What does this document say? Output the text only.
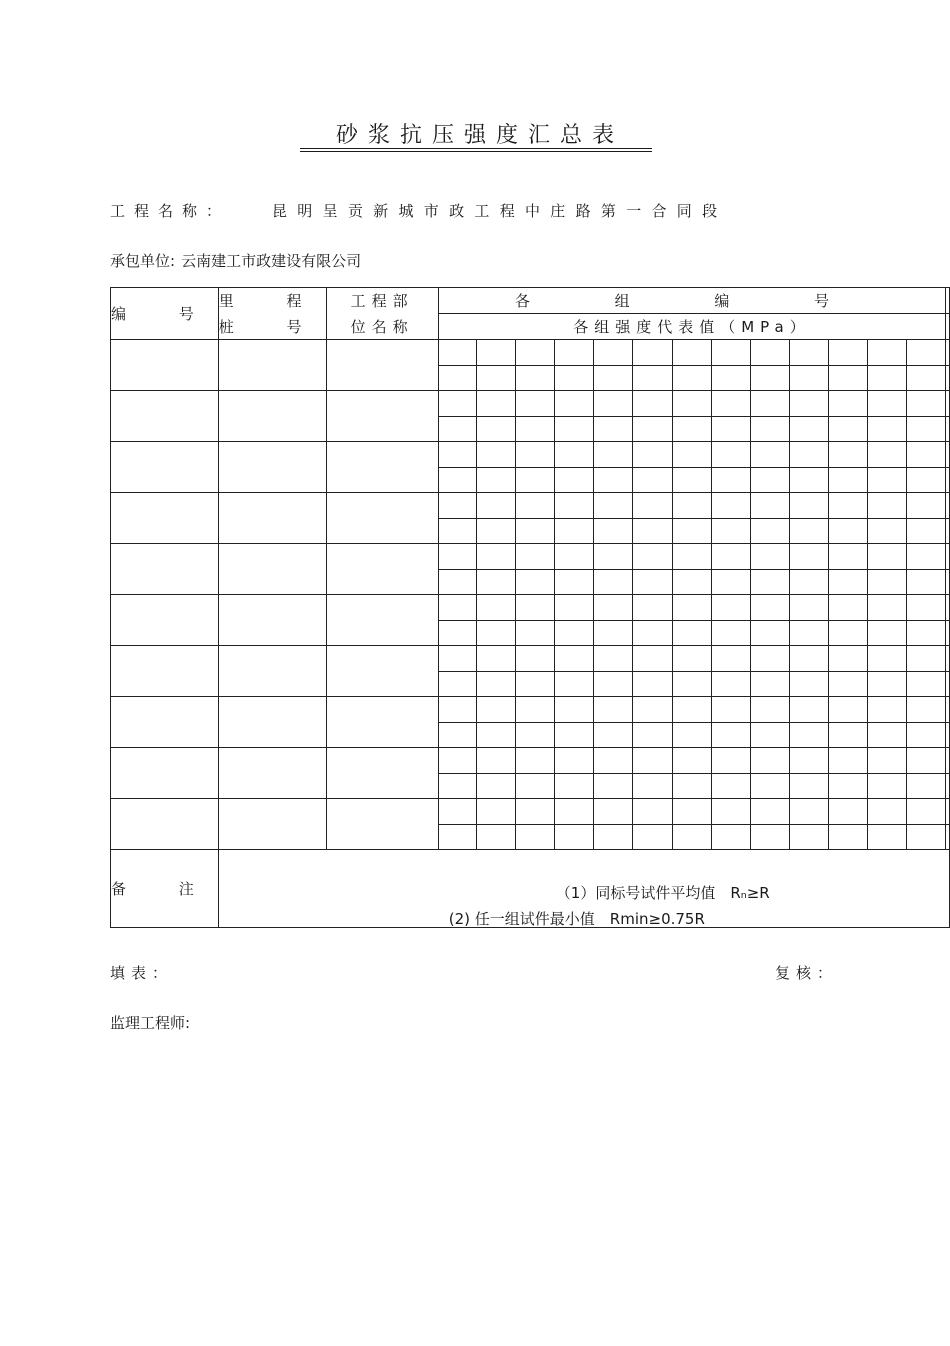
砂浆抗压强度汇总表
工程名称：	昆明呈贡新城市政工程中庄路第一合同段
承包单位: 云南建工市政建设有限公司
编 号	里 程	工程部	各 组 编 号													
	桩 号	位名称	各组强度代表值（MPa）													

备 注	（1）同标号试件平均值　Rₙ≥R
(2) 任一组试件最小值　Rmin≥0.75R															
填表：	复核：
监理工程师:
